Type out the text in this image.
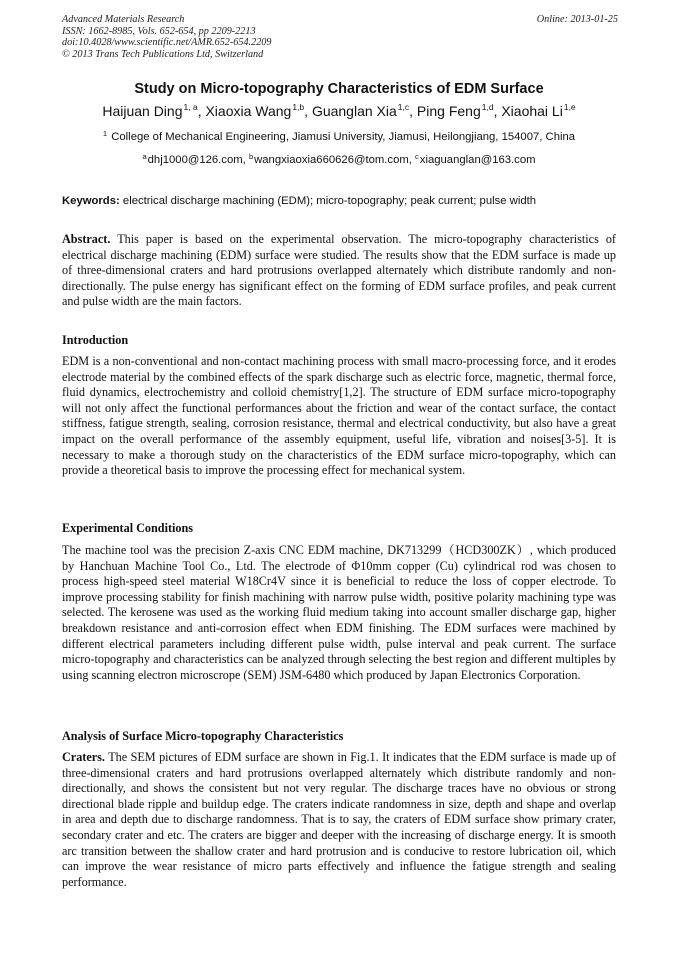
Advanced Materials Research
ISSN: 1662-8985, Vols. 652-654, pp 2209-2213
doi:10.4028/www.scientific.net/AMR.652-654.2209
© 2013 Trans Tech Publications Ltd, Switzerland
Online: 2013-01-25
Study on Micro-topography Characteristics of EDM Surface
Haijuan Ding$^{1, a}$, Xiaoxia Wang$^{1,b}$, Guanglan Xia$^{1,c}$, Ping Feng$^{1,d}$, Xiaohai Li$^{1,e}$
$^1$ College of Mechanical Engineering, Jiamusi University, Jiamusi, Heilongjiang, 154007, China
$^a$dhj1000@126.com, $^b$wangxiaoxia660626@tom.com, $^c$xiaguanglan@163.com
Keywords: electrical discharge machining (EDM); micro-topography; peak current; pulse width
Abstract. This paper is based on the experimental observation. The micro-topography characteristics of electrical discharge machining (EDM) surface were studied. The results show that the EDM surface is made up of three-dimensional craters and hard protrusions overlapped alternately which distribute randomly and non-directionally. The pulse energy has significant effect on the forming of EDM surface profiles, and peak current and pulse width are the main factors.
Introduction
EDM is a non-conventional and non-contact machining process with small macro-processing force, and it erodes electrode material by the combined effects of the spark discharge such as electric force, magnetic, thermal force, fluid dynamics, electrochemistry and colloid chemistry[1,2]. The structure of EDM surface micro-topography will not only affect the functional performances about the friction and wear of the contact surface, the contact stiffness, fatigue strength, sealing, corrosion resistance, thermal and electrical conductivity, but also have a great impact on the overall performance of the assembly equipment, useful life, vibration and noises[3-5]. It is necessary to make a thorough study on the characteristics of the EDM surface micro-topography, which can provide a theoretical basis to improve the processing effect for mechanical system.
Experimental Conditions
The machine tool was the precision Z-axis CNC EDM machine, DK713299（HCD300ZK）, which produced by Hanchuan Machine Tool Co., Ltd. The electrode of Φ10mm copper (Cu) cylindrical rod was chosen to process high-speed steel material W18Cr4V since it is beneficial to reduce the loss of copper electrode. To improve processing stability for finish machining with narrow pulse width, positive polarity machining type was selected. The kerosene was used as the working fluid medium taking into account smaller discharge gap, higher breakdown resistance and anti-corrosion effect when EDM finishing. The EDM surfaces were machined by different electrical parameters including different pulse width, pulse interval and peak current. The surface micro-topography and characteristics can be analyzed through selecting the best region and different multiples by using scanning electron microscrope (SEM) JSM-6480 which produced by Japan Electronics Corporation.
Analysis of Surface Micro-topography Characteristics
Craters. The SEM pictures of EDM surface are shown in Fig.1. It indicates that the EDM surface is made up of three-dimensional craters and hard protrusions overlapped alternately which distribute randomly and non-directionally, and shows the consistent but not very regular. The discharge traces have no obvious or strong directional blade ripple and buildup edge. The craters indicate randomness in size, depth and shape and overlap in area and depth due to discharge randomness. That is to say, the craters of EDM surface show primary crater, secondary crater and etc. The craters are bigger and deeper with the increasing of discharge energy. It is smooth arc transition between the shallow crater and hard protrusion and is conducive to restore lubrication oil, which can improve the wear resistance of micro parts effectively and influence the fatigue strength and sealing performance.
